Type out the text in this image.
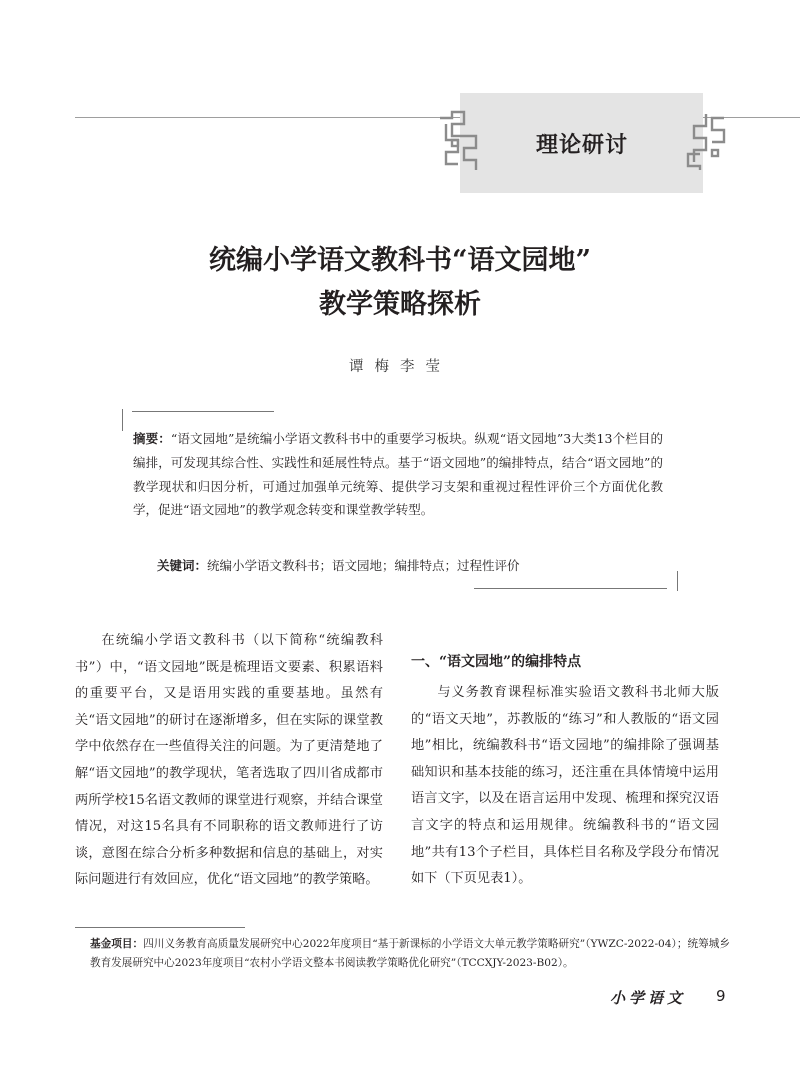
理论研讨
统编小学语文教科书“语文园地”
教学策略探析
谭梅李莹
摘要：“语文园地”是统编小学语文教科书中的重要学习板块。纵观“语文园地”3大类13个栏目的编排，可发现其综合性、实践性和延展性特点。基于“语文园地”的编排特点，结合“语文园地”的教学现状和归因分析，可通过加强单元统筹、提供学习支架和重视过程性评价三个方面优化教学，促进“语文园地”的教学观念转变和课堂教学转型。
关键词：统编小学语文教科书；语文园地；编排特点；过程性评价
在统编小学语文教科书（以下简称“统编教科书”）中，“语文园地”既是梳理语文要素、积累语料的重要平台，又是语用实践的重要基地。虽然有关“语文园地”的研讨在逐渐增多，但在实际的课堂教学中依然存在一些值得关注的问题。为了更清楚地了解“语文园地”的教学现状，笔者选取了四川省成都市两所学校15名语文教师的课堂进行观察，并结合课堂情况，对这15名具有不同职称的语文教师进行了访谈，意图在综合分析多种数据和信息的基础上，对实际问题进行有效回应，优化“语文园地”的教学策略。
一、“语文园地”的编排特点
与义务教育课程标准实验语文教科书北师大版的“语文天地”，苏教版的“练习”和人教版的“语文园地”相比，统编教科书“语文园地”的编排除了强调基础知识和基本技能的练习，还注重在具体情境中运用语言文字，以及在语言运用中发现、梳理和探究汉语言文字的特点和运用规律。统编教科书的“语文园地”共有13个子栏目，具体栏目名称及学段分布情况如下（下页见表1）。
基金项目：四川义务教育高质量发展研究中心2022年度项目“基于新课标的小学语文大单元教学策略研究”（YWZC-2022-04）；统筹城乡教育发展研究中心2023年度项目“农村小学语文整本书阅读教学策略优化研究”（TCCXJY-2023-B02）。
小学语文 9
